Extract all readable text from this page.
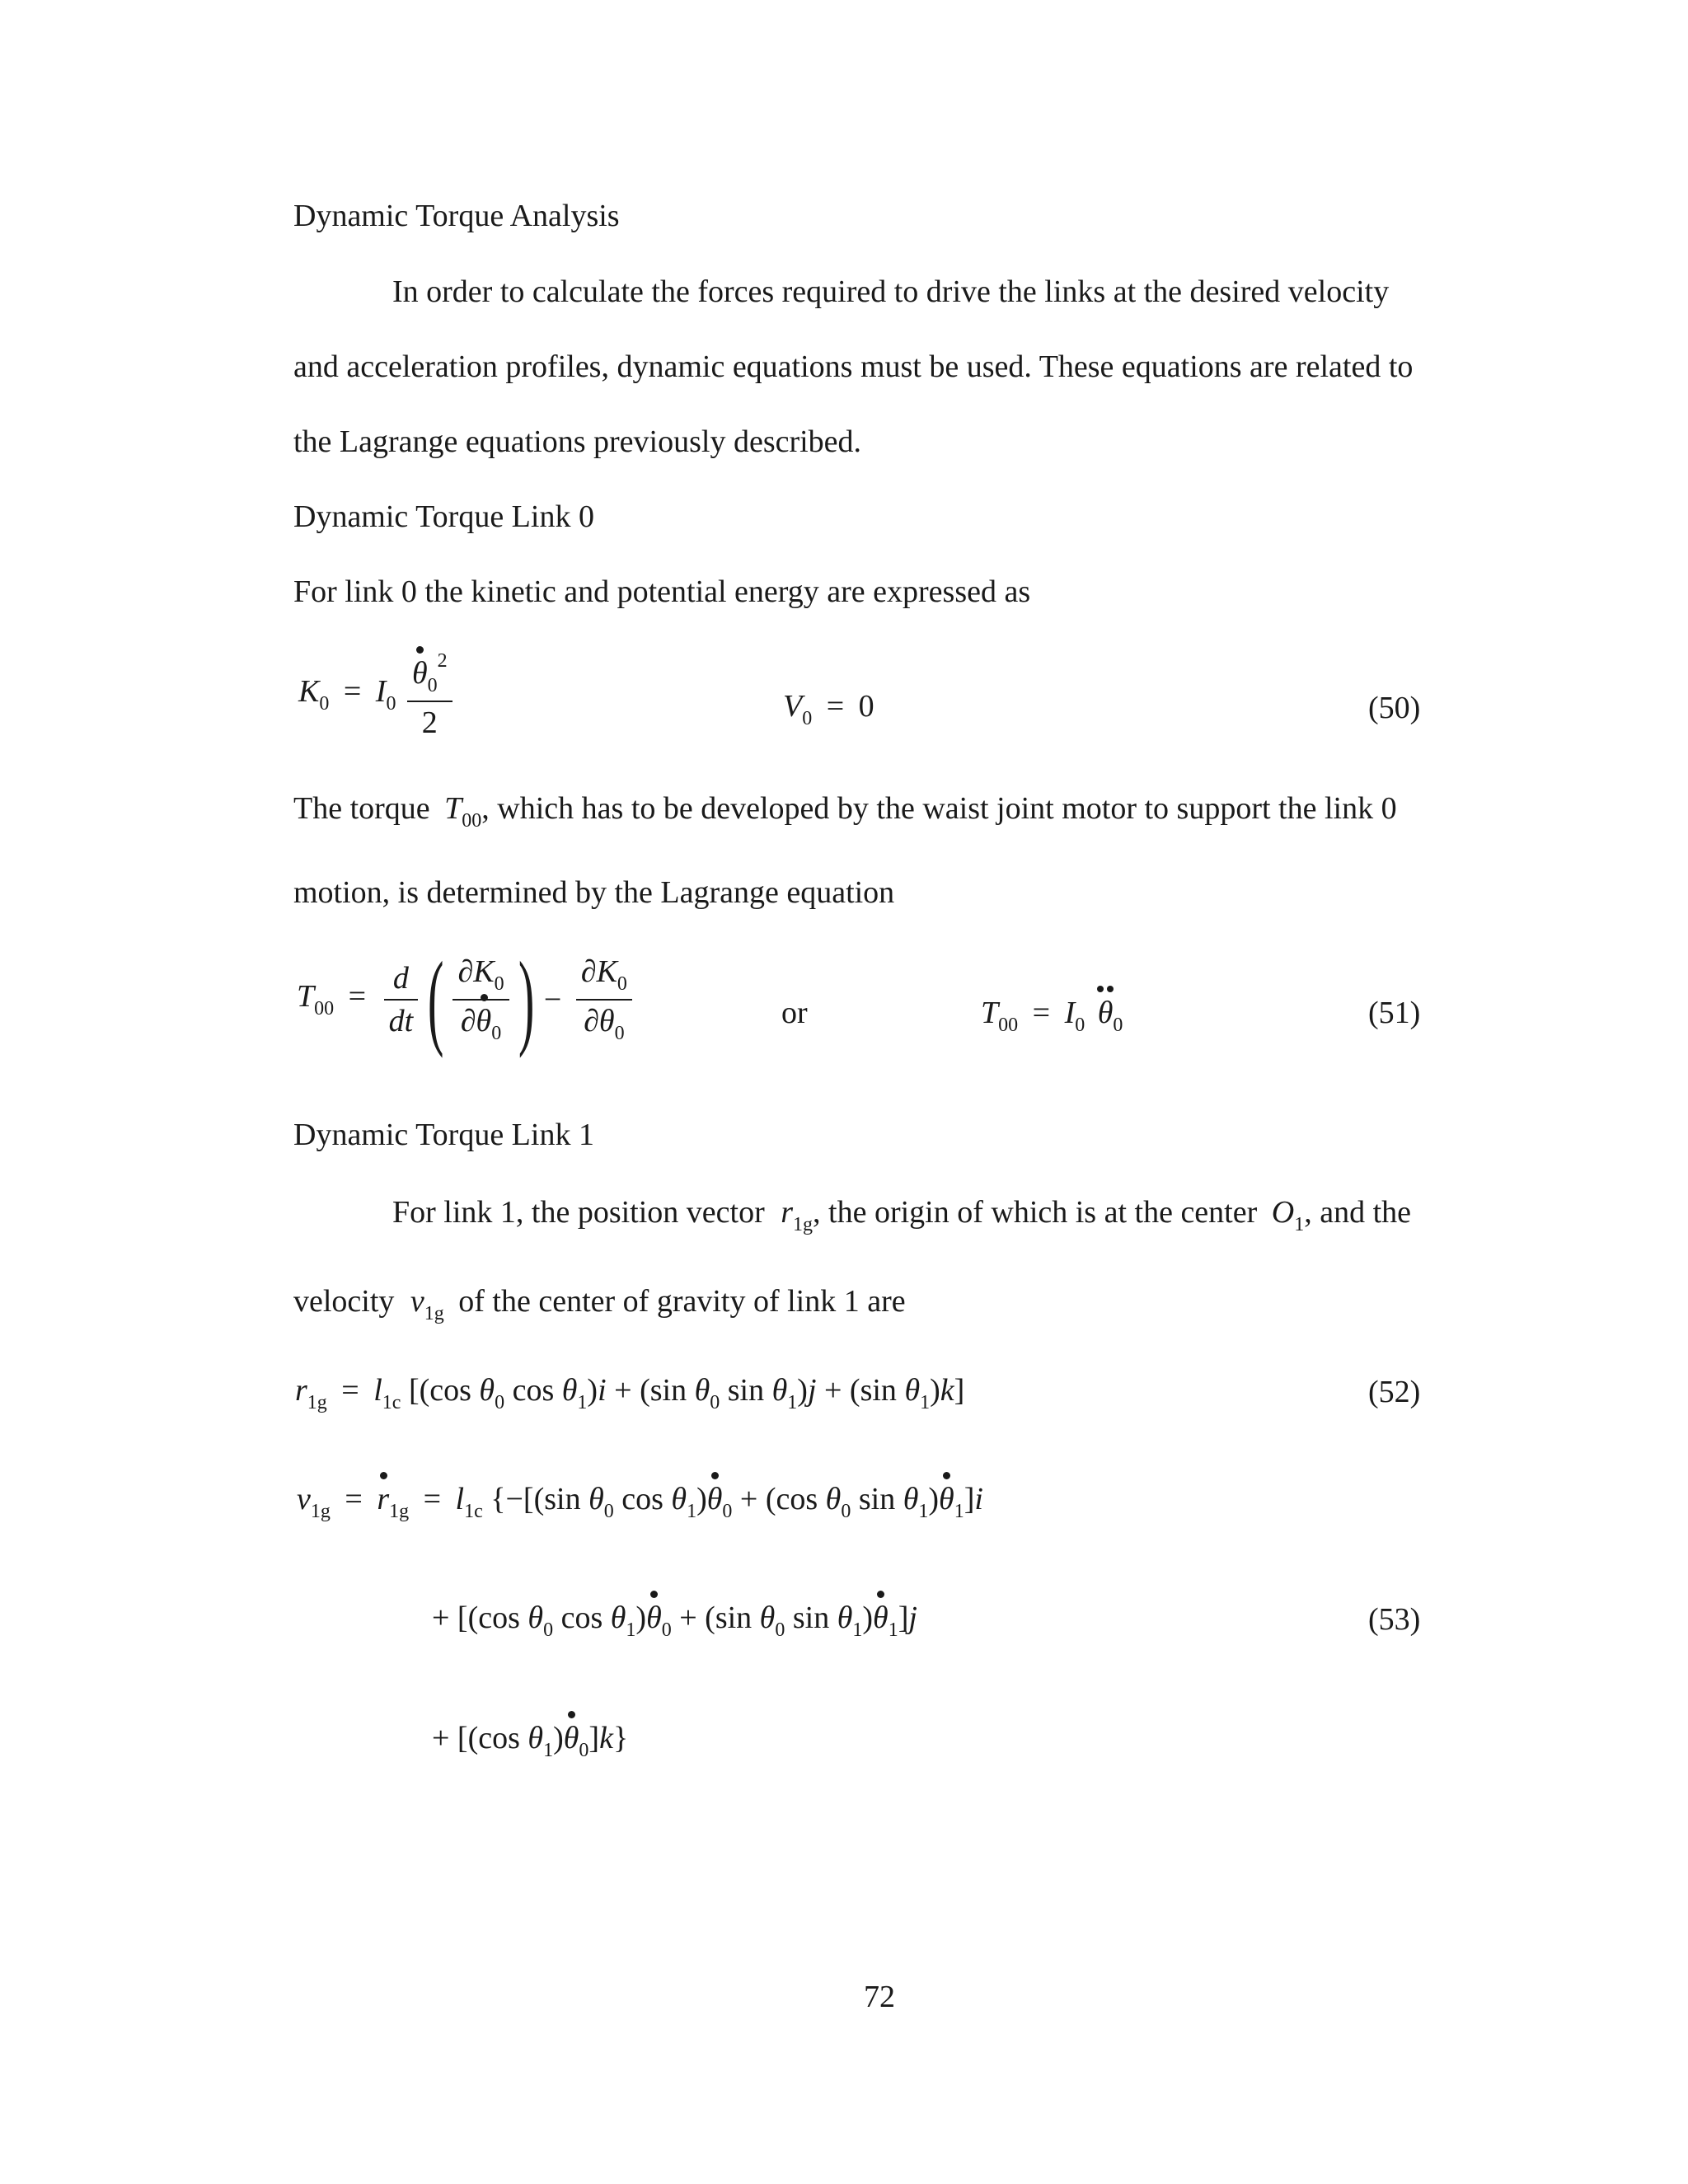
Dynamic Torque Analysis
In order to calculate the forces required to drive the links at the desired velocity
and acceleration profiles, dynamic equations must be used. These equations are related to
the Lagrange equations previously described.
Dynamic Torque Link 0
For link 0 the kinetic and potential energy are expressed as
$K_0 = I_0 \frac{\theta_0^2}{2}$	$V_0 = 0$	(50)
The torque $T_{00}$, which has to be developed by the waist joint motor to support the link 0
motion, is determined by the Lagrange equation
$T_{00} = \frac{d}{dt}$ ( $\frac{\partial K_0}{\partial\theta_0}$ ) − $\frac{\partial K_0}{\partial\theta_0}$	or	$T_{00} = I_0$ $\theta_0$	(51)
Dynamic Torque Link 1
For link 1, the position vector $r_{1g}$, the origin of which is at the center $O_1$, and the
velocity $v_{1g}$ of the center of gravity of link 1 are
$r_{1g} = l_{1c}$ [(cos $\theta_0$ $\cos \theta_1)i + (\sin$ $\theta_0$ $\sin \theta_1)j + (\sin$ $\theta_1)k$]	(52)
$v_{1g} = r_{1g} = l_{1c}$ {−[(sin $\theta_0$ $\cos \theta_1)\theta_0 + (\cos$ $\theta_0$ $\sin \theta_1)\theta_1]i$
+ [(cos $\theta_0$ $\cos \theta_1)\theta_0 + (\sin$ $\theta_0$ $\sin \theta_1)\theta_1]j$	(53)
+ [(cos $\theta_1)\theta_0]k$}
72
